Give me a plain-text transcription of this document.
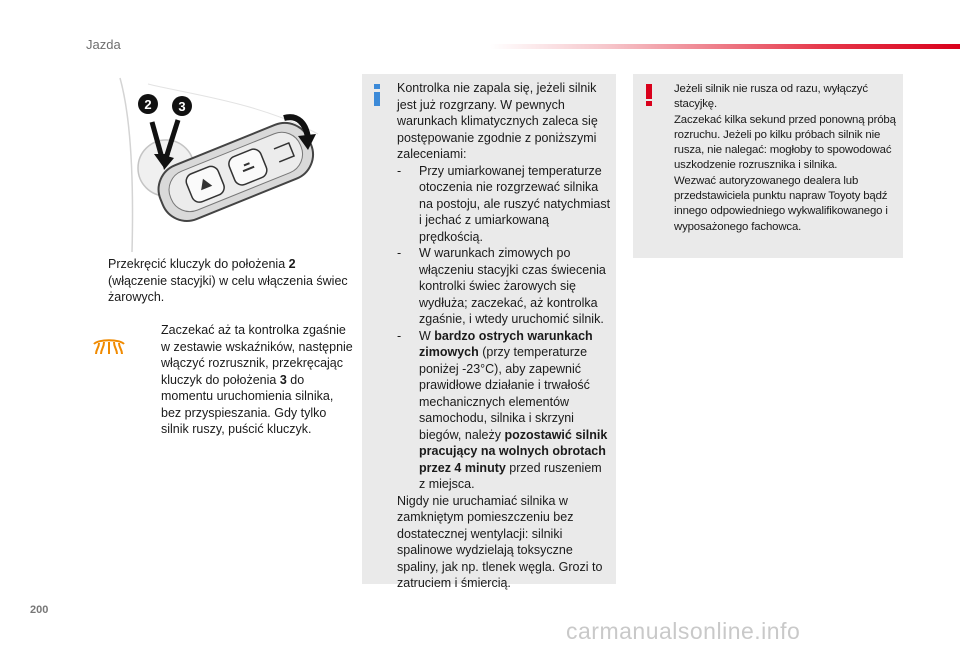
Jazda
2 3
Przekręcić kluczyk do położenia 2 (włączenie stacyjki) w celu włączenia świec żarowych.
Zaczekać aż ta kontrolka zgaśnie w zestawie wskaźników, następnie włączyć rozrusznik, przekręcając kluczyk do położenia 3 do momentu uruchomienia silnika, bez przyspieszania. Gdy tylko silnik ruszy, puścić kluczyk.

Kontrolka nie zapala się, jeżeli silnik jest już rozgrzany. W pewnych warunkach klimatycznych zaleca się postępowanie zgodnie z poniższymi zaleceniami:

- Przy umiarkowanej temperaturze otoczenia nie rozgrzewać silnika na postoju, ale ruszyć natychmiast i jechać z umiarkowaną prędkością.
- W warunkach zimowych po włączeniu stacyjki czas świecenia kontrolki świec żarowych się wydłuża; zaczekać, aż kontrolka zgaśnie, i wtedy uruchomić silnik.
- W bardzo ostrych warunkach zimowych (przy temperaturze poniżej -23°C), aby zapewnić prawidłowe działanie i trwałość mechanicznych elementów samochodu, silnika i skrzyni biegów, należy pozostawić silnik pracujący na wolnych obrotach przez 4 minuty przed ruszeniem z miejsca.

Nigdy nie uruchamiać silnika w zamkniętym pomieszczeniu bez dostatecznej wentylacji: silniki spalinowe wydzielają toksyczne spaliny, jak np. tlenek węgla. Grozi to zatruciem i śmiercią.

Jeżeli silnik nie rusza od razu, wyłączyć stacyjkę.

Zaczekać kilka sekund przed ponowną próbą rozruchu. Jeżeli po kilku próbach silnik nie rusza, nie nalegać: mogłoby to spowodować uszkodzenie rozrusznika i silnika.

Wezwać autoryzowanego dealera lub przedstawiciela punktu napraw Toyoty bądź innego odpowiedniego wykwalifikowanego i wyposażonego fachowca.

200
carmanualsonline.info
